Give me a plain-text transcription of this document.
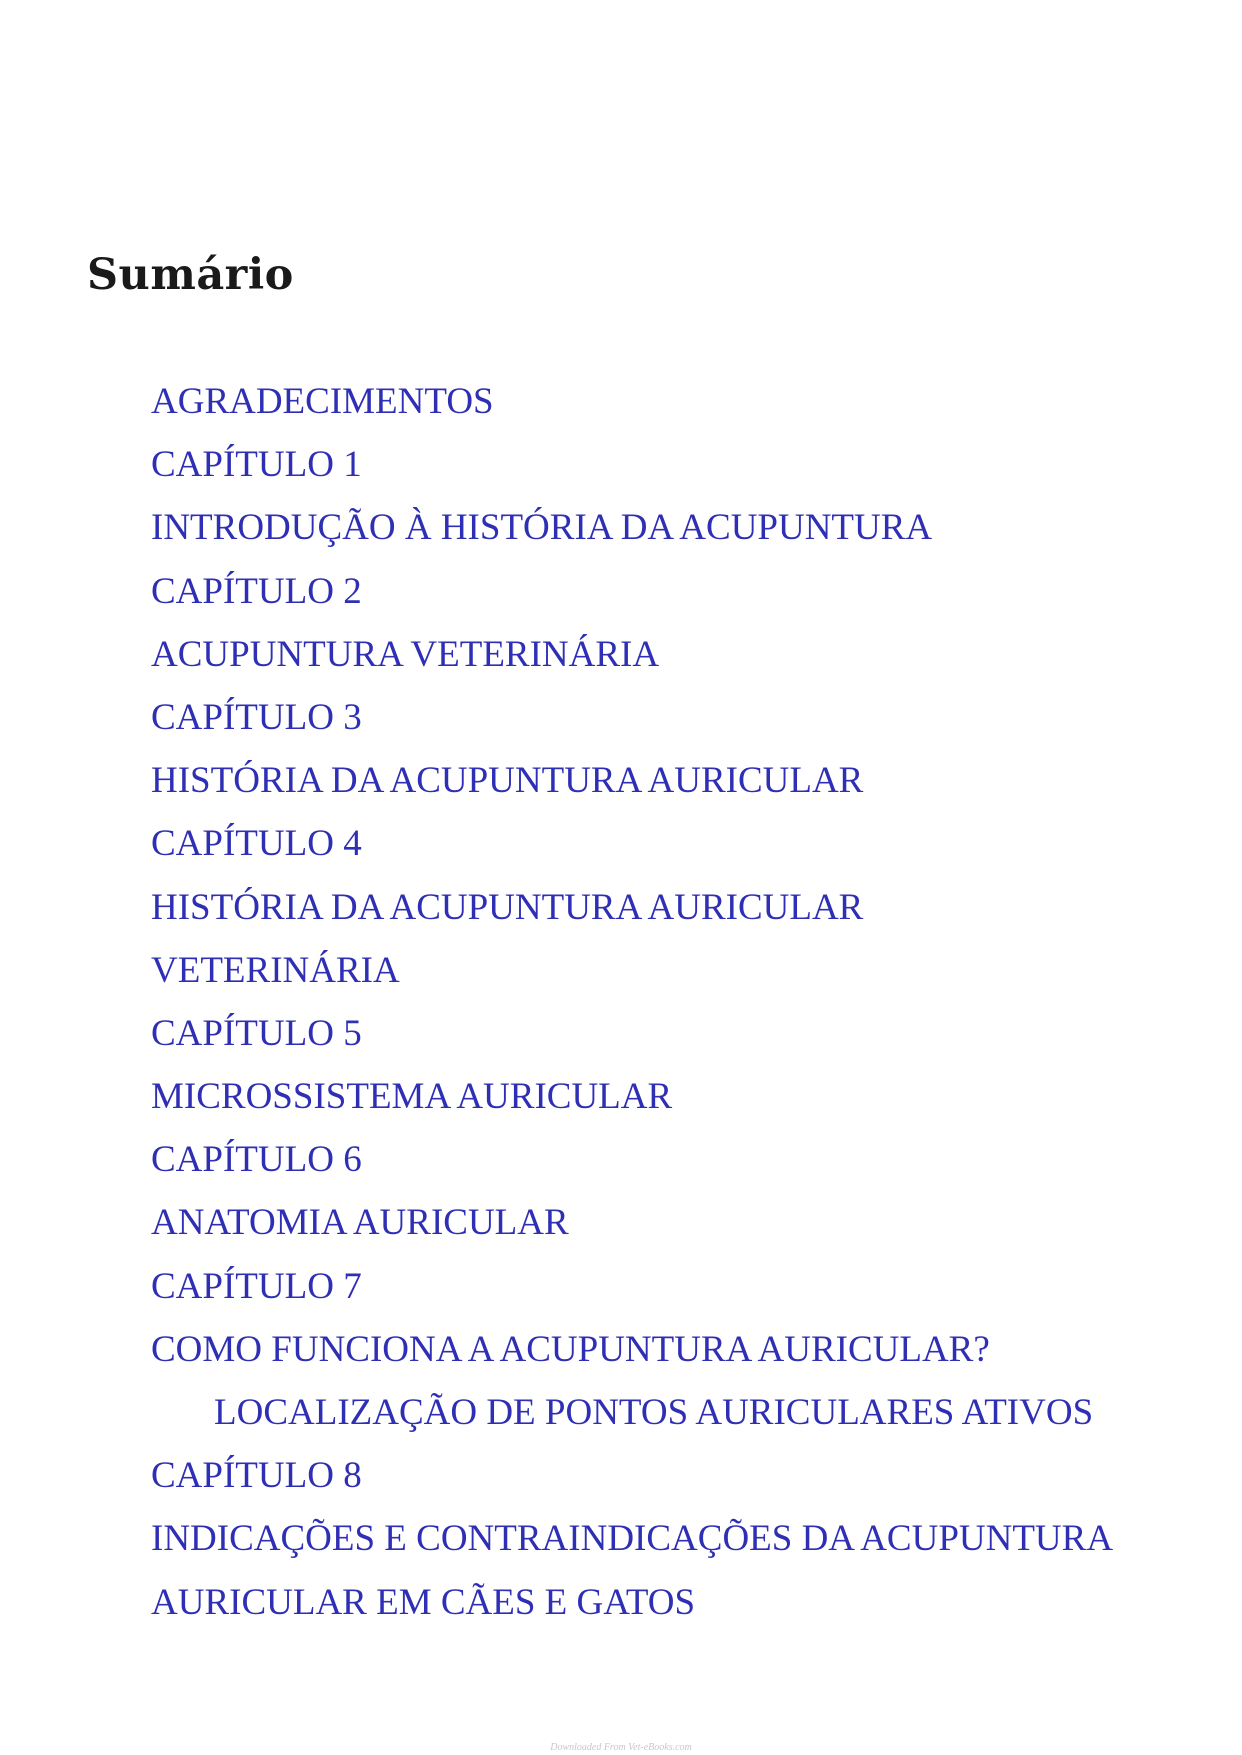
Sumário
AGRADECIMENTOS
CAPÍTULO 1
INTRODUÇÃO À HISTÓRIA DA ACUPUNTURA
CAPÍTULO 2
ACUPUNTURA VETERINÁRIA
CAPÍTULO 3
HISTÓRIA DA ACUPUNTURA AURICULAR
CAPÍTULO 4
HISTÓRIA DA ACUPUNTURA AURICULAR
VETERINÁRIA
CAPÍTULO 5
MICROSSISTEMA AURICULAR
CAPÍTULO 6
ANATOMIA AURICULAR
CAPÍTULO 7
COMO FUNCIONA A ACUPUNTURA AURICULAR?
LOCALIZAÇÃO DE PONTOS AURICULARES ATIVOS
CAPÍTULO 8
INDICAÇÕES E CONTRAINDICAÇÕES DA ACUPUNTURA
AURICULAR EM CÃES E GATOS
Downloaded From Vet-eBooks.com
